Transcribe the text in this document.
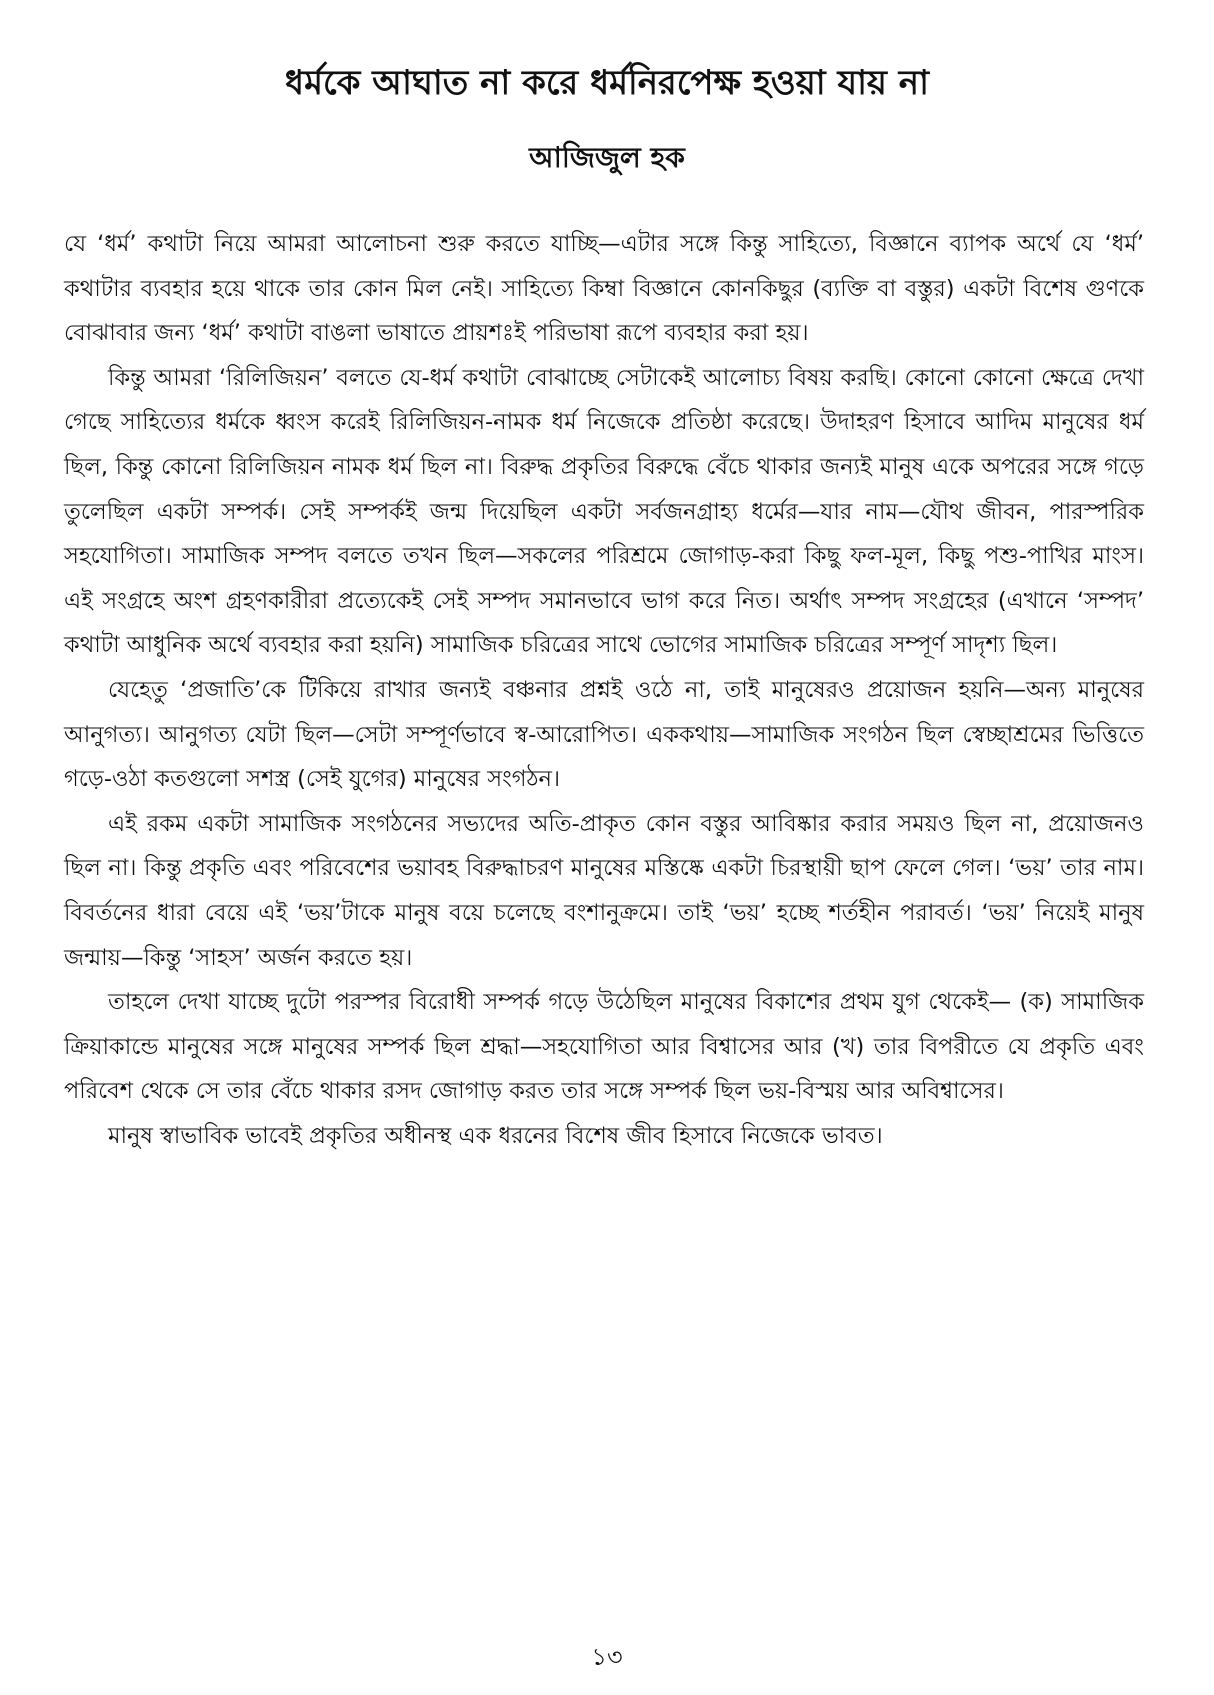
ধর্মকে আঘাত না করে ধর্মনিরপেক্ষ হওয়া যায় না
আজিজুল হক

যে ‘ধর্ম’ কথাটা নিয়ে আমরা আলোচনা শুরু করতে যাচ্ছি—এটার সঙ্গে কিন্তু সাহিত্যে, বিজ্ঞানে ব্যাপক অর্থে যে ‘ধর্ম’ কথাটার ব্যবহার হয়ে থাকে তার কোন মিল নেই। সাহিত্যে কিম্বা বিজ্ঞানে কোনকিছুর (ব্যক্তি বা বস্তুর) একটা বিশেষ গুণকে বোঝাবার জন্য ‘ধর্ম’ কথাটা বাঙলা ভাষাতে প্রায়শঃই পরিভাষা রূপে ব্যবহার করা হয়।

কিন্তু আমরা ‘রিলিজিয়ন’ বলতে যে-ধর্ম কথাটা বোঝাচ্ছে সেটাকেই আলোচ্য বিষয় করছি। কোনো কোনো ক্ষেত্রে দেখা গেছে সাহিত্যের ধর্মকে ধ্বংস করেই রিলিজিয়ন-নামক ধর্ম নিজেকে প্রতিষ্ঠা করেছে। উদাহরণ হিসাবে আদিম মানুষের ধর্ম ছিল, কিন্তু কোনো রিলিজিয়ন নামক ধর্ম ছিল না। বিরুদ্ধ প্রকৃতির বিরুদ্ধে বেঁচে থাকার জন্যই মানুষ একে অপরের সঙ্গে গড়ে তুলেছিল একটা সম্পর্ক। সেই সম্পর্কই জন্ম দিয়েছিল একটা সর্বজনগ্রাহ্য ধর্মের—যার নাম—যৌথ জীবন, পারস্পরিক সহযোগিতা। সামাজিক সম্পদ বলতে তখন ছিল—সকলের পরিশ্রমে জোগাড়-করা কিছু ফল-মূল, কিছু পশু-পাখির মাংস। এই সংগ্রহে অংশ গ্রহণকারীরা প্রত্যেকেই সেই সম্পদ সমানভাবে ভাগ করে নিত। অর্থাৎ সম্পদ সংগ্রহের (এখানে ‘সম্পদ’ কথাটা আধুনিক অর্থে ব্যবহার করা হয়নি) সামাজিক চরিত্রের সাথে ভোগের সামাজিক চরিত্রের সম্পূর্ণ সাদৃশ্য ছিল।

যেহেতু ‘প্রজাতি’কে টিকিয়ে রাখার জন্যই বঞ্চনার প্রশ্নই ওঠে না, তাই মানুষেরও প্রয়োজন হয়নি—অন্য মানুষের আনুগত্য। আনুগত্য যেটা ছিল—সেটা সম্পূর্ণভাবে স্ব-আরোপিত। এককথায়—সামাজিক সংগঠন ছিল স্বেচ্ছাশ্রমের ভিত্তিতে গড়ে-ওঠা কতগুলো সশস্ত্র (সেই যুগের) মানুষের সংগঠন।

এই রকম একটা সামাজিক সংগঠনের সভ্যদের অতি-প্রাকৃত কোন বস্তুর আবিষ্কার করার সময়ও ছিল না, প্রয়োজনও ছিল না। কিন্তু প্রকৃতি এবং পরিবেশের ভয়াবহ বিরুদ্ধাচরণ মানুষের মস্তিষ্কে একটা চিরস্থায়ী ছাপ ফেলে গেল। ‘ভয়’ তার নাম। বিবর্তনের ধারা বেয়ে এই ‘ভয়’টাকে মানুষ বয়ে চলেছে বংশানুক্রমে। তাই ‘ভয়’ হচ্ছে শর্তহীন পরাবর্ত। ‘ভয়’ নিয়েই মানুষ জন্মায়—কিন্তু ‘সাহস’ অর্জন করতে হয়।

তাহলে দেখা যাচ্ছে দুটো পরস্পর বিরোধী সম্পর্ক গড়ে উঠেছিল মানুষের বিকাশের প্রথম যুগ থেকেই— (ক) সামাজিক ক্রিয়াকান্ডে মানুষের সঙ্গে মানুষের সম্পর্ক ছিল শ্রদ্ধা—সহযোগিতা আর বিশ্বাসের আর (খ) তার বিপরীতে যে প্রকৃতি এবং পরিবেশ থেকে সে তার বেঁচে থাকার রসদ জোগাড় করত তার সঙ্গে সম্পর্ক ছিল ভয়-বিস্ময় আর অবিশ্বাসের।

মানুষ স্বাভাবিক ভাবেই প্রকৃতির অধীনস্থ এক ধরনের বিশেষ জীব হিসাবে নিজেকে ভাবত।

১৩
